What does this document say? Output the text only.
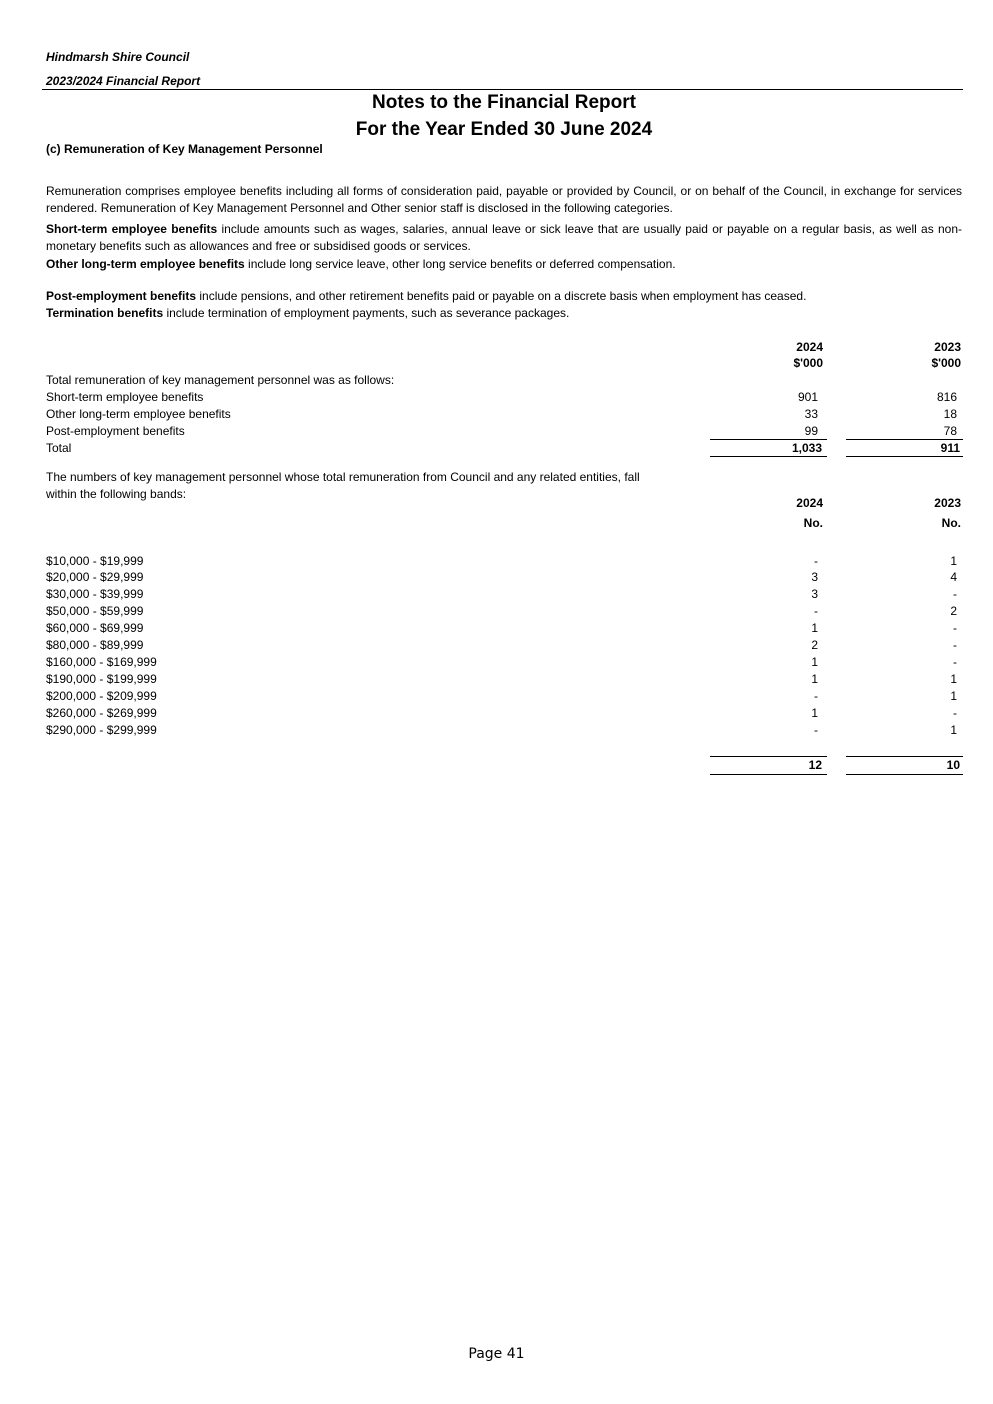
Hindmarsh Shire Council
2023/2024 Financial Report
Notes to the Financial Report
For the Year Ended 30 June 2024
(c) Remuneration of Key Management Personnel
Remuneration comprises employee benefits including all forms of consideration paid, payable or provided by Council, or on behalf of the Council, in exchange for services rendered. Remuneration of Key Management Personnel and Other senior staff is disclosed in the following categories.
Short-term employee benefits include amounts such as wages, salaries, annual leave or sick leave that are usually paid or payable on a regular basis, as well as non-monetary benefits such as allowances and free or subsidised goods or services.
Other long-term employee benefits include long service leave, other long service benefits or deferred compensation.
Post-employment benefits include pensions, and other retirement benefits paid or payable on a discrete basis when employment has ceased.
Termination benefits include termination of employment payments, such as severance packages.
2024	2023
$'000	$'000
Total remuneration of key management personnel was as follows:
Short-term employee benefits	901	816
Other long-term employee benefits	33	18
Post-employment benefits	99	78
Total	1,033	911
The numbers of key management personnel whose total remuneration from Council and any related entities, fall within the following bands:
2024	2023
No.	No.
$10,000 - $19,999	-	1
$20,000 - $29,999	3	4
$30,000 - $39,999	3	-
$50,000 - $59,999	-	2
$60,000 - $69,999	1	-
$80,000 - $89,999	2	-
$160,000 - $169,999	1	-
$190,000 - $199,999	1	1
$200,000 - $209,999	-	1
$260,000 - $269,999	1	-
$290,000 - $299,999	-	1
12	10
Page 41
